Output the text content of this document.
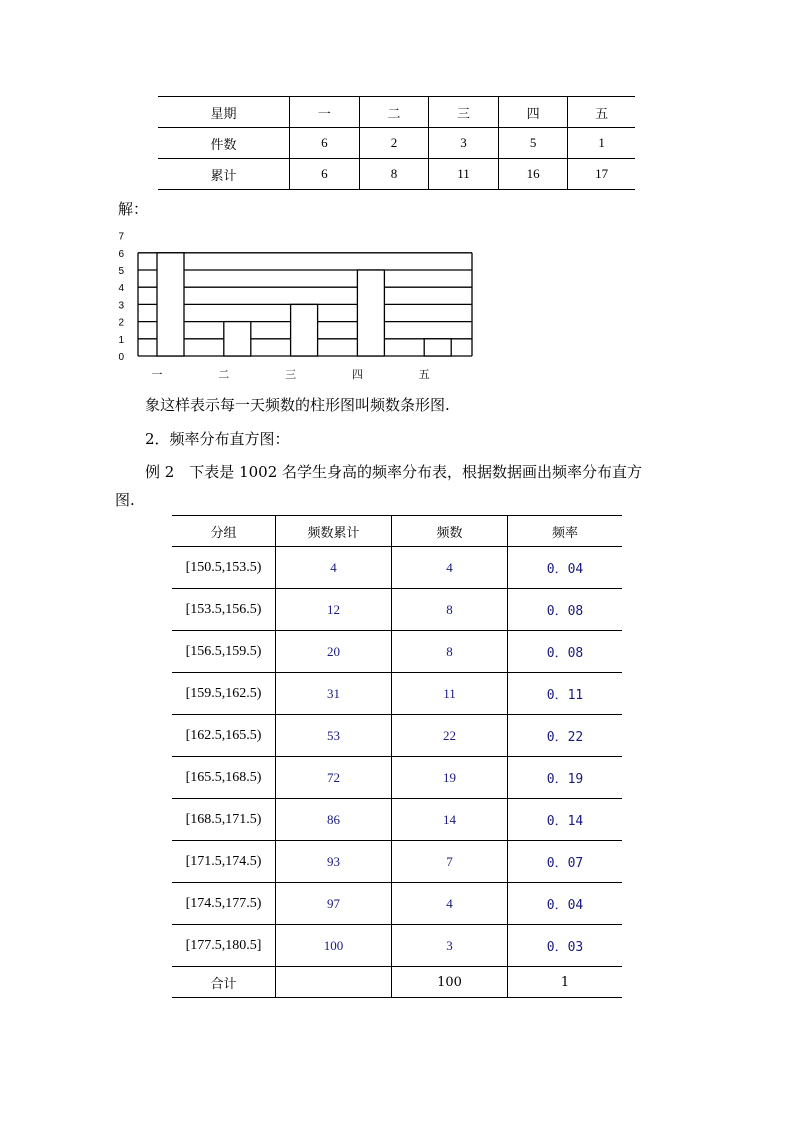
星期	一	二	三	四	五
件数	6	2	3	5	1
累计	6	8	11	16	17
解：
0
1
2
3
4
5
6
7
一	二	三	四	五

象这样表示每一天频数的柱形图叫频数条形图.

2．频率分布直方图：

例 2　下表是 1002 名学生身高的频率分布表，根据数据画出频率分布直方

图.

分组	频数累计	频数	频率
[150.5,153.5)	4	4	0．04
[153.5,156.5)	12	8	0．08
[156.5,159.5)	20	8	0．08
[159.5,162.5)	31	11	0．11
[162.5,165.5)	53	22	0．22
[165.5,168.5)	72	19	0．19
[168.5,171.5)	86	14	0．14
[171.5,174.5)	93	7	0．07
[174.5,177.5)	97	4	0．04
[177.5,180.5]	100	3	0．03
合计		100	1
